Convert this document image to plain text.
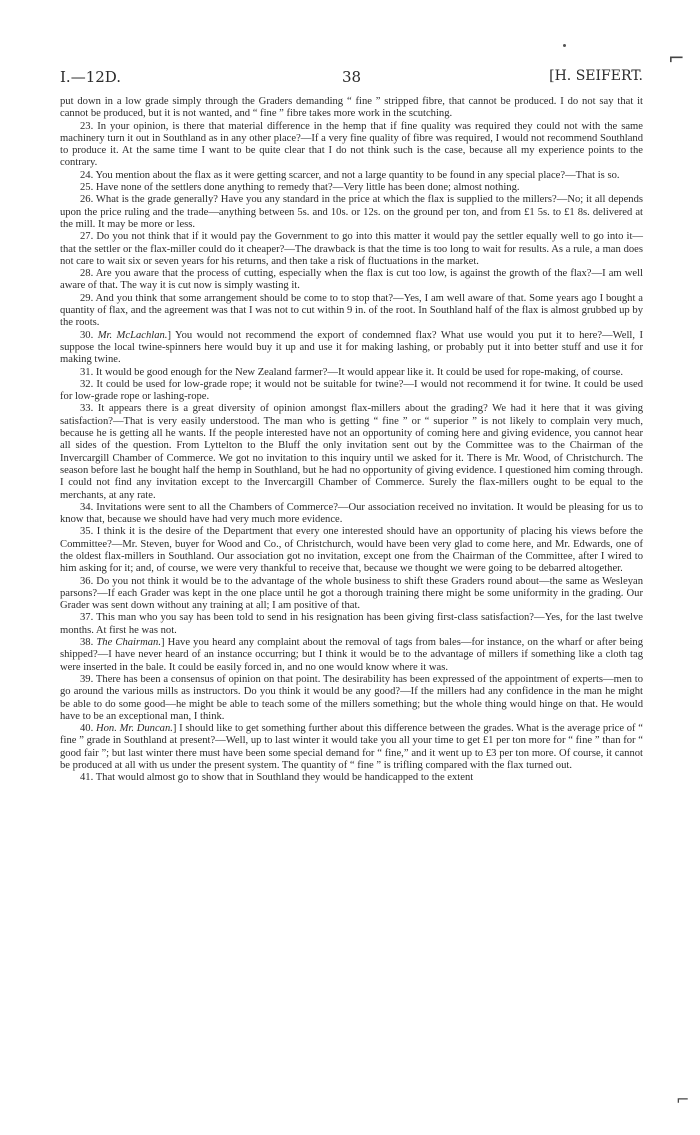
⌐
I.—12D.	38	[H. SEIFERT.

put down in a low grade simply through the Graders demanding “ fine ” stripped fibre, that cannot be produced. I do not say that it cannot be produced, but it is not wanted, and “ fine ” fibre takes more work in the scutching.

23. In your opinion, is there that material difference in the hemp that if fine quality was required they could not with the same machinery turn it out in Southland as in any other place?—If a very fine quality of fibre was required, I would not recommend Southland to produce it. At the same time I want to be quite clear that I do not think such is the case, because all my experience points to the contrary.

24. You mention about the flax as it were getting scarcer, and not a large quantity to be found in any special place?—That is so.

25. Have none of the settlers done anything to remedy that?—Very little has been done; almost nothing.

26. What is the grade generally? Have you any standard in the price at which the flax is supplied to the millers?—No; it all depends upon the price ruling and the trade—anything between 5s. and 10s. or 12s. on the ground per ton, and from £1 5s. to £1 8s. delivered at the mill. It may be more or less.

27. Do you not think that if it would pay the Government to go into this matter it would pay the settler equally well to go into it—that the settler or the flax-miller could do it cheaper?—The drawback is that the time is too long to wait for results. As a rule, a man does not care to wait six or seven years for his returns, and then take a risk of fluctuations in the market.

28. Are you aware that the process of cutting, especially when the flax is cut too low, is against the growth of the flax?—I am well aware of that. The way it is cut now is simply wasting it.

29. And you think that some arrangement should be come to to stop that?—Yes, I am well aware of that. Some years ago I bought a quantity of flax, and the agreement was that I was not to cut within 9 in. of the root. In Southland half of the flax is almost grubbed up by the roots.

30. Mr. McLachlan.] You would not recommend the export of condemned flax? What use would you put it to here?—Well, I suppose the local twine-spinners here would buy it up and use it for making lashing, or probably put it into better stuff and use it for making twine.

31. It would be good enough for the New Zealand farmer?—It would appear like it. It could be used for rope-making, of course.

32. It could be used for low-grade rope; it would not be suitable for twine?—I would not recommend it for twine. It could be used for low-grade rope or lashing-rope.

33. It appears there is a great diversity of opinion amongst flax-millers about the grading? We had it here that it was giving satisfaction?—That is very easily understood. The man who is getting “ fine ” or “ superior ” is not likely to complain very much, because he is getting all he wants. If the people interested have not an opportunity of coming here and giving evidence, you cannot hear all sides of the question. From Lyttelton to the Bluff the only invitation sent out by the Committee was to the Chairman of the Invercargill Chamber of Commerce. We got no invitation to this inquiry until we asked for it. There is Mr. Wood, of Christchurch. The season before last he bought half the hemp in Southland, but he had no opportunity of giving evidence. I questioned him coming through. I could not find any invitation except to the Invercargill Chamber of Commerce. Surely the flax-millers ought to be equal to the merchants, at any rate.

34. Invitations were sent to all the Chambers of Commerce?—Our association received no invitation. It would be pleasing for us to know that, because we should have had very much more evidence.

35. I think it is the desire of the Department that every one interested should have an opportunity of placing his views before the Committee?—Mr. Steven, buyer for Wood and Co., of Christchurch, would have been very glad to come here, and Mr. Edwards, one of the oldest flax-millers in Southland. Our association got no invitation, except one from the Chairman of the Committee, after I wired to him asking for it; and, of course, we were very thankful to receive that, because we thought we were going to be debarred altogether.

36. Do you not think it would be to the advantage of the whole business to shift these Graders round about—the same as Wesleyan parsons?—If each Grader was kept in the one place until he got a thorough training there might be some uniformity in the grading. Our Grader was sent down without any training at all; I am positive of that.

37. This man who you say has been told to send in his resignation has been giving first-class satisfaction?—Yes, for the last twelve months. At first he was not.

38. The Chairman.] Have you heard any complaint about the removal of tags from bales—for instance, on the wharf or after being shipped?—I have never heard of an instance occurring; but I think it would be to the advantage of millers if something like a cloth tag were inserted in the bale. It could be easily forced in, and no one would know where it was.

39. There has been a consensus of opinion on that point. The desirability has been expressed of the appointment of experts—men to go around the various mills as instructors. Do you think it would be any good?—If the millers had any confidence in the man he might be able to do some good—he might be able to teach some of the millers something; but the whole thing would hinge on that. He would have to be an exceptional man, I think.

40. Hon. Mr. Duncan.] I should like to get something further about this difference between the grades. What is the average price of “ fine ” grade in Southland at present?—Well, up to last winter it would take you all your time to get £1 per ton more for “ fine ” than for “ good fair ”; but last winter there must have been some special demand for “ fine,” and it went up to £3 per ton more. Of course, it cannot be produced at all with us under the present system. The quantity of “ fine ” is trifling compared with the flax turned out.

41. That would almost go to show that in Southland they would be handicapped to the extent

⌐
